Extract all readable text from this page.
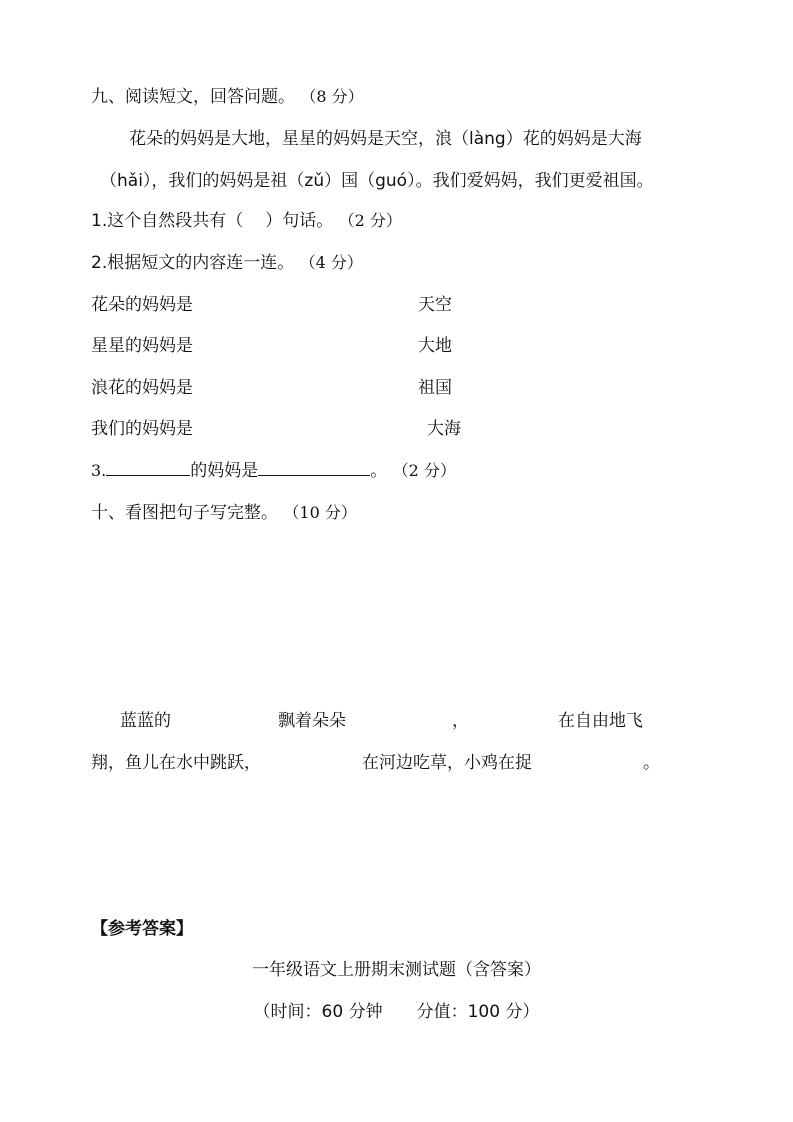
九、阅读短文，回答问题。 （8 分）
花朵的妈妈是大地，星星的妈妈是天空，浪（làng）花的妈妈是大海
（hǎi），我们的妈妈是祖（zǔ）国（guó）。我们爱妈妈，我们更爱祖国。
1.这个自然段共有（ ）句话。 （2 分）
2.根据短文的内容连一连。 （4 分）
花朵的妈妈是	天空
星星的妈妈是	大地
浪花的妈妈是	祖国
我们的妈妈是	大海
3.	的妈妈是	。 （2 分）
十、看图把句子写完整。 （10 分）
蓝蓝的	飘着朵朵	，	在自由地飞
翔，鱼儿在水中跳跃，	在河边吃草，小鸡在捉	。
【参考答案】
一年级语文上册期末测试题（含答案）
（时间：60 分钟　　分值：100 分）
